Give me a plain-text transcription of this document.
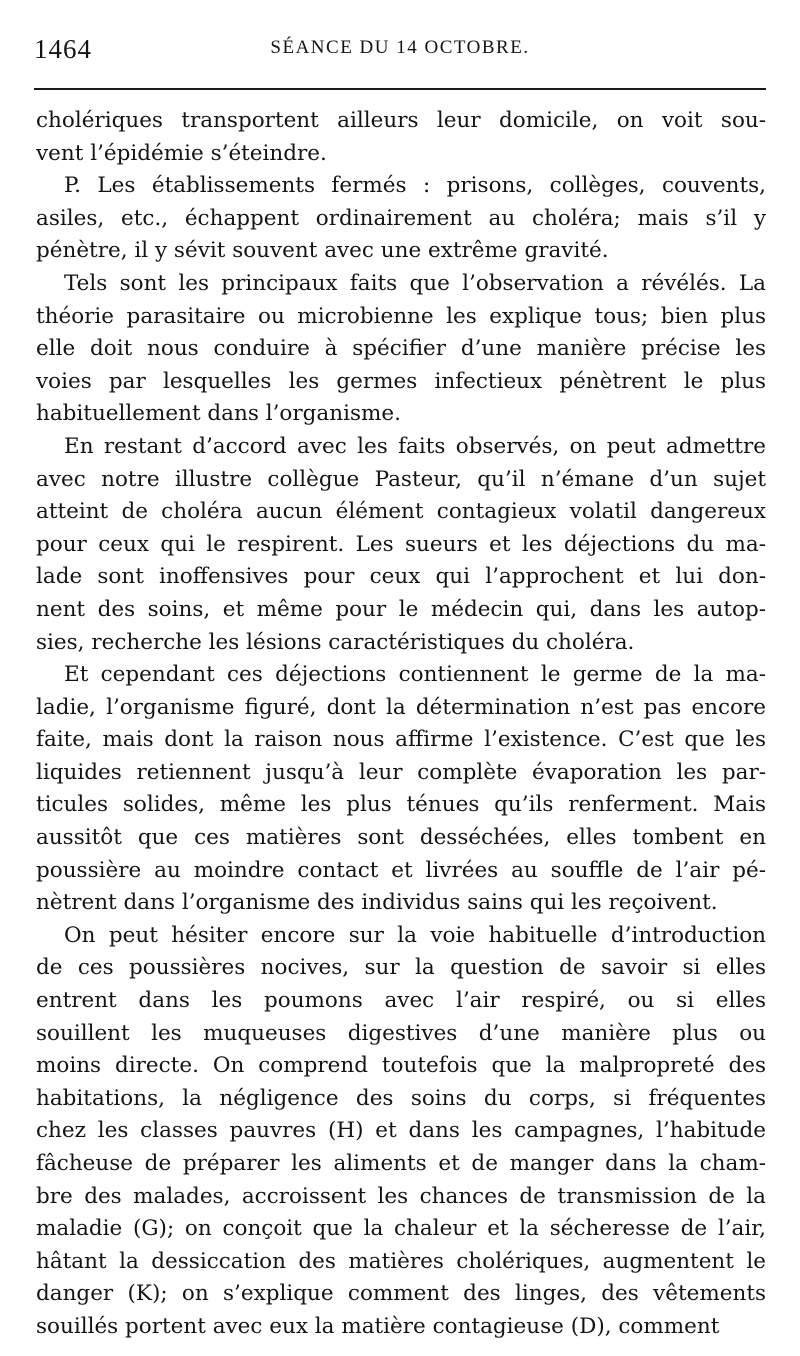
1464	SÉANCE DU 14 OCTOBRE.
cholériques transportent ailleurs leur domicile, on voit sou-
vent l’épidémie s’éteindre.
P. Les établissements fermés : prisons, collèges, couvents,
asiles, etc., échappent ordinairement au choléra; mais s’il y
pénètre, il y sévit souvent avec une extrême gravité.
Tels sont les principaux faits que l’observation a révélés. La
théorie parasitaire ou microbienne les explique tous; bien plus
elle doit nous conduire à spécifier d’une manière précise les
voies par lesquelles les germes infectieux pénètrent le plus
habituellement dans l’organisme.
En restant d’accord avec les faits observés, on peut admettre
avec notre illustre collègue Pasteur, qu’il n’émane d’un sujet
atteint de choléra aucun élément contagieux volatil dangereux
pour ceux qui le respirent. Les sueurs et les déjections du ma-
lade sont inoffensives pour ceux qui l’approchent et lui don-
nent des soins, et même pour le médecin qui, dans les autop-
sies, recherche les lésions caractéristiques du choléra.
Et cependant ces déjections contiennent le germe de la ma-
ladie, l’organisme figuré, dont la détermination n’est pas encore
faite, mais dont la raison nous affirme l’existence. C’est que les
liquides retiennent jusqu’à leur complète évaporation les par-
ticules solides, même les plus ténues qu’ils renferment. Mais
aussitôt que ces matières sont desséchées, elles tombent en
poussière au moindre contact et livrées au souffle de l’air pé-
nètrent dans l’organisme des individus sains qui les reçoivent.
On peut hésiter encore sur la voie habituelle d’introduction
de ces poussières nocives, sur la question de savoir si elles
entrent dans les poumons avec l’air respiré, ou si elles
souillent les muqueuses digestives d’une manière plus ou
moins directe. On comprend toutefois que la malpropreté des
habitations, la négligence des soins du corps, si fréquentes
chez les classes pauvres (H) et dans les campagnes, l’habitude
fâcheuse de préparer les aliments et de manger dans la cham-
bre des malades, accroissent les chances de transmission de la
maladie (G); on conçoit que la chaleur et la sécheresse de l’air,
hâtant la dessiccation des matières cholériques, augmentent le
danger (K); on s’explique comment des linges, des vêtements
souillés portent avec eux la matière contagieuse (D), comment
